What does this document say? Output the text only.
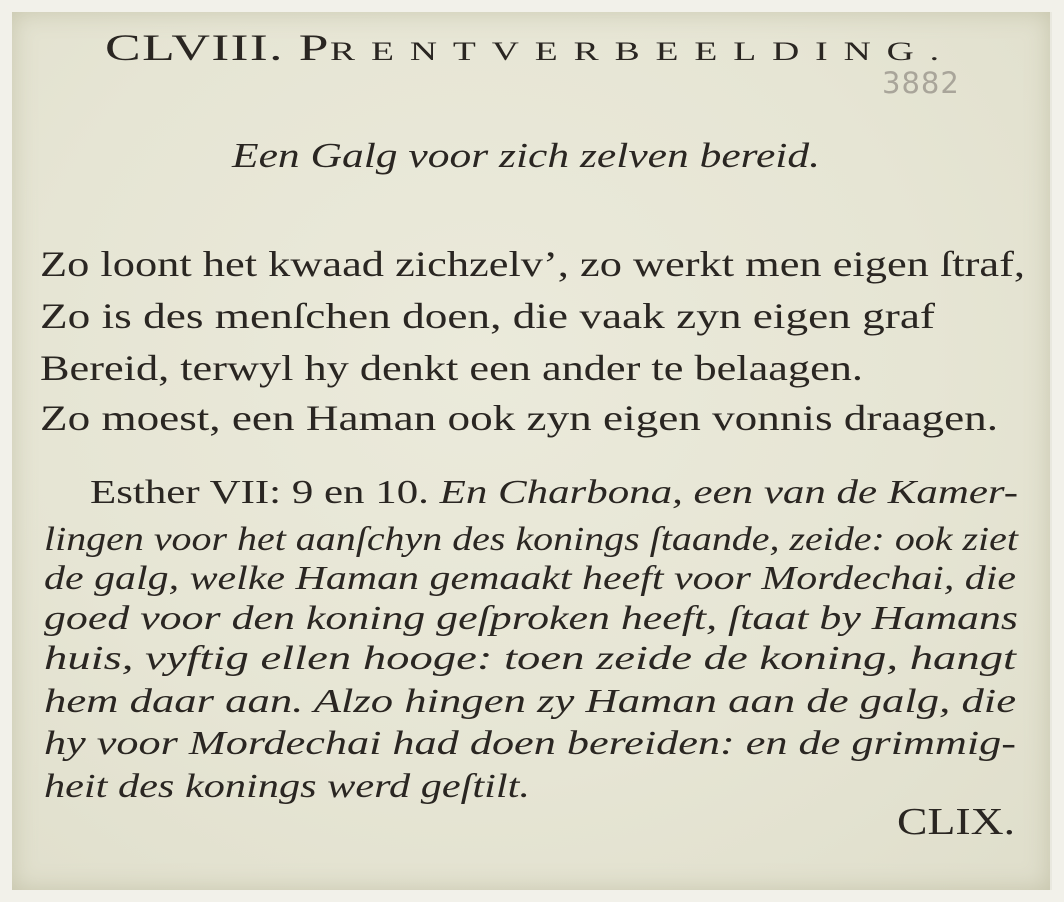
CLVIII. PRENTVERBEELDING.

3882

Een Galg voor zich zelven bereid.

Zo loont het kwaad zichzelv’, zo werkt men eigen ſtraf,

Zo is des menſchen doen, die vaak zyn eigen graf

Bereid, terwyl hy denkt een ander te belaagen.

Zo moest, een Haman ook zyn eigen vonnis draagen.

Esther VII: 9 en 10. En Charbona, een van de Kamer-

lingen voor het aanſchyn des konings ſtaande, zeide: ook ziet

de galg, welke Haman gemaakt heeft voor Mordechai, die

goed voor den koning geſproken heeft, ſtaat by Hamans

huis, vyftig ellen hooge: toen zeide de koning, hangt

hem daar aan. Alzo hingen zy Haman aan de galg, die

hy voor Mordechai had doen bereiden: en de grimmig-

heit des konings werd geſtilt.

CLIX.
